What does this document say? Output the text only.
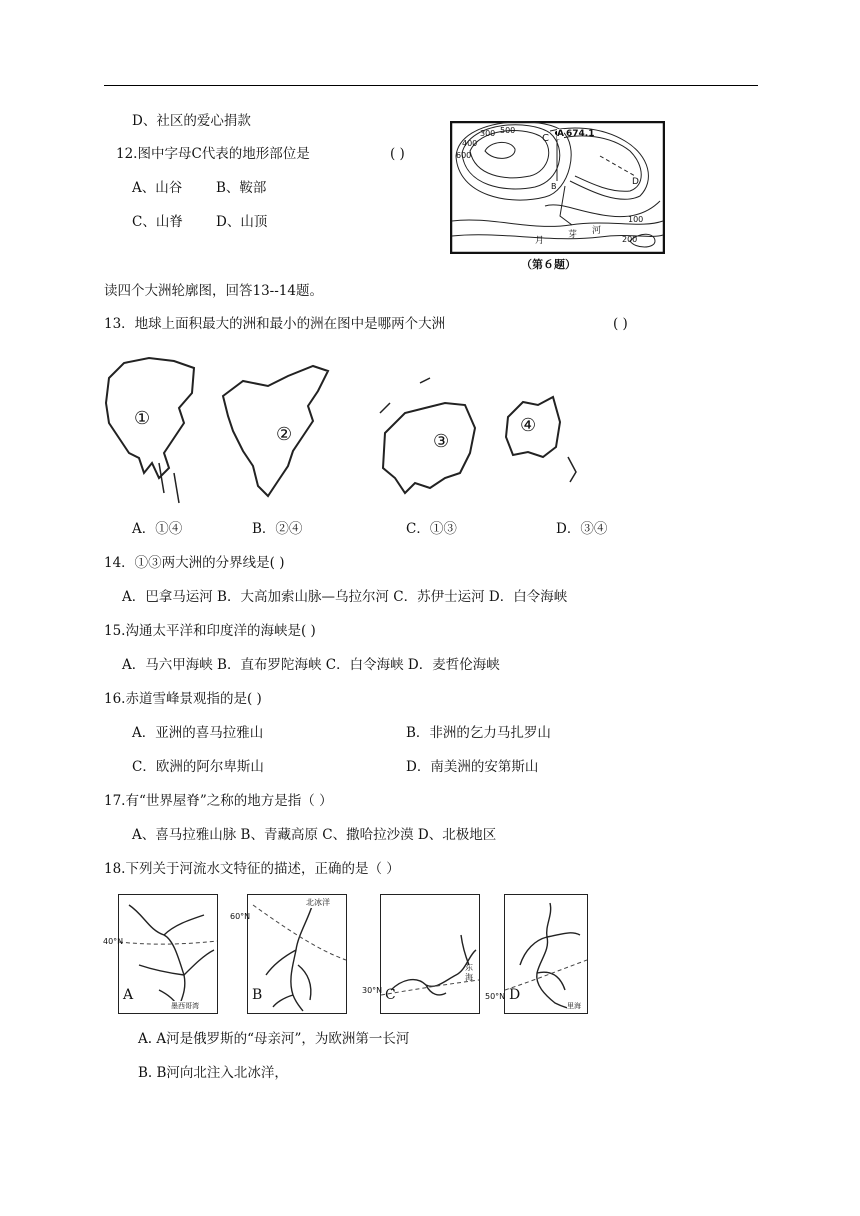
D、社区的爱心捐款
12.图中字母C代表的地形部位是	( )
A、山谷	B、鞍部
C、山脊 D、山顶
C A 674.1
B	D
300
400
500
600
100
200
月
芽 河
（第６题）
读四个大洲轮廓图，回答13--14题。
13．地球上面积最大的洲和最小的洲在图中是哪两个大洲	( )
①
②	③
④
A．①④	B．②④	C．①③	D．③④
14．①③两大洲的分界线是( )
A．巴拿马运河 B．大高加索山脉—乌拉尔河 C．苏伊士运河 D．白令海峡
15.沟通太平洋和印度洋的海峡是( )
A．马六甲海峡 B．直布罗陀海峡 C．白令海峡 D．麦哲伦海峡
16.赤道雪峰景观指的是( )
A．亚洲的喜马拉雅山	B．非洲的乞力马扎罗山
C．欧洲的阿尔卑斯山	D．南美洲的安第斯山
17.有“世界屋脊”之称的地方是指（ ）
A、喜马拉雅山脉 B、青藏高原 C、撒哈拉沙漠 D、北极地区
18.下列关于河流水文特征的描述，正确的是（ ）
A
墨西哥湾
40°N
B
北冰洋
60°N
C
东海
30°N	D
里海
50°N
A. A河是俄罗斯的“母亲河”，为欧洲第一长河
B. B河向北注入北冰洋，
